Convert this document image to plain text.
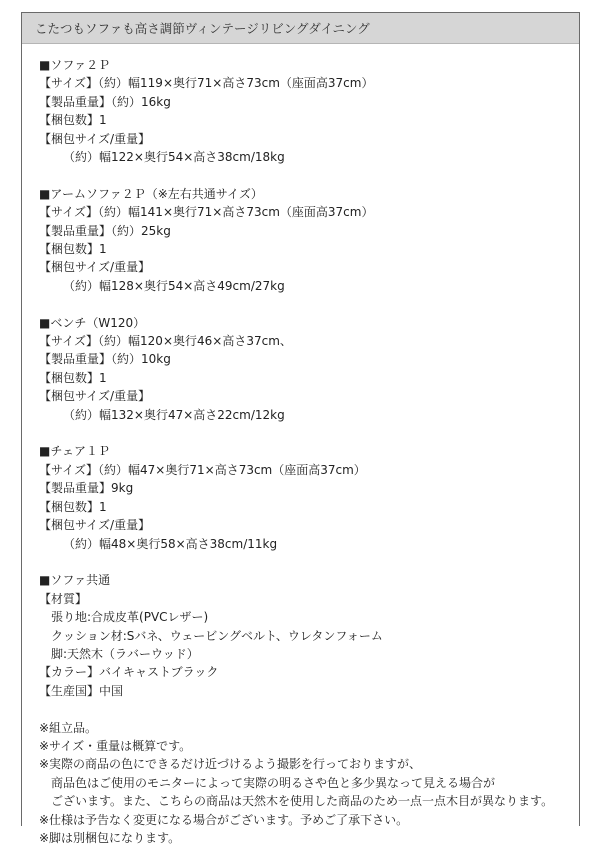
こたつもソファも高さ調節ヴィンテージリビングダイニング
■ソファ２Ｐ
【サイズ】（約）幅119×奥行71×高さ73cm（座面高37cm）
【製品重量】（約）16kg
【梱包数】1
【梱包サイズ/重量】
（約）幅122×奥行54×高さ38cm/18kg
■アームソファ２Ｐ（※左右共通サイズ）
【サイズ】（約）幅141×奥行71×高さ73cm（座面高37cm）
【製品重量】（約）25kg
【梱包数】1
【梱包サイズ/重量】
（約）幅128×奥行54×高さ49cm/27kg
■ベンチ（W120）
【サイズ】（約）幅120×奥行46×高さ37cm、
【製品重量】（約）10kg
【梱包数】1
【梱包サイズ/重量】
（約）幅132×奥行47×高さ22cm/12kg
■チェア１Ｐ
【サイズ】（約）幅47×奥行71×高さ73cm（座面高37cm）
【製品重量】9kg
【梱包数】1
【梱包サイズ/重量】
（約）幅48×奥行58×高さ38cm/11kg
■ソファ共通
【材質】
張り地:合成皮革(PVCレザー)
クッション材:Sバネ、ウェービングベルト、ウレタンフォーム
脚:天然木（ラバーウッド）
【カラー】バイキャストブラック
【生産国】中国
※組立品。
※サイズ・重量は概算です。
※実際の商品の色にできるだけ近づけるよう撮影を行っておりますが、
商品色はご使用のモニターによって実際の明るさや色と多少異なって見える場合が
ございます。また、こちらの商品は天然木を使用した商品のため一点一点木目が異なります。
※仕様は予告なく変更になる場合がございます。予めご了承下さい。
※脚は別梱包になります。
